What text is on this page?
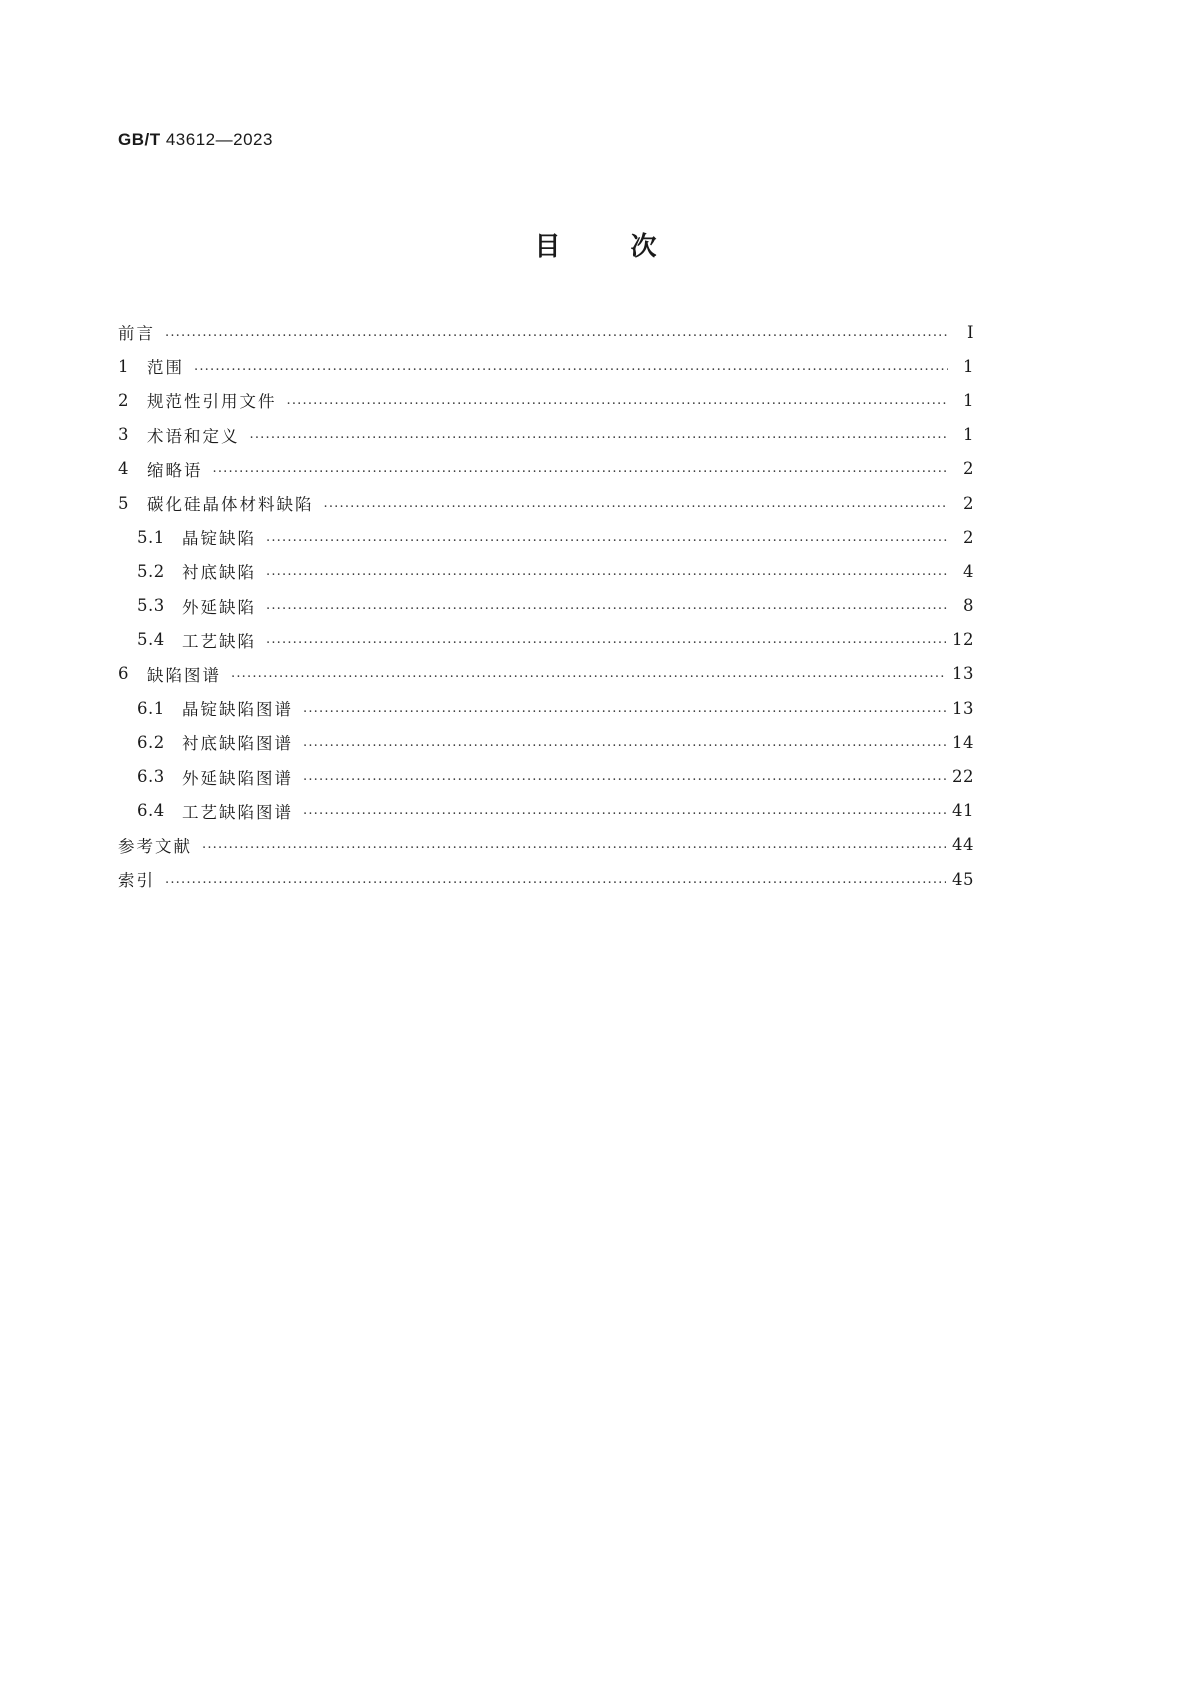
GB/T 43612—2023
目	次
前言 .....	Ⅰ
1	范围 .....	1
2	规范性引用文件 .....	1
3	术语和定义 .....	1
4	缩略语 .....	2
5	碳化硅晶体材料缺陷 .....	2
5.1	晶锭缺陷 .....	2
5.2	衬底缺陷 .....	4
5.3	外延缺陷 .....	8
5.4	工艺缺陷 .....	12
6	缺陷图谱 .....	13
6.1	晶锭缺陷图谱 .....	13
6.2	衬底缺陷图谱 .....	14
6.3	外延缺陷图谱 .....	22
6.4	工艺缺陷图谱 .....	41
参考文献 .....	44
索引 .....	45
